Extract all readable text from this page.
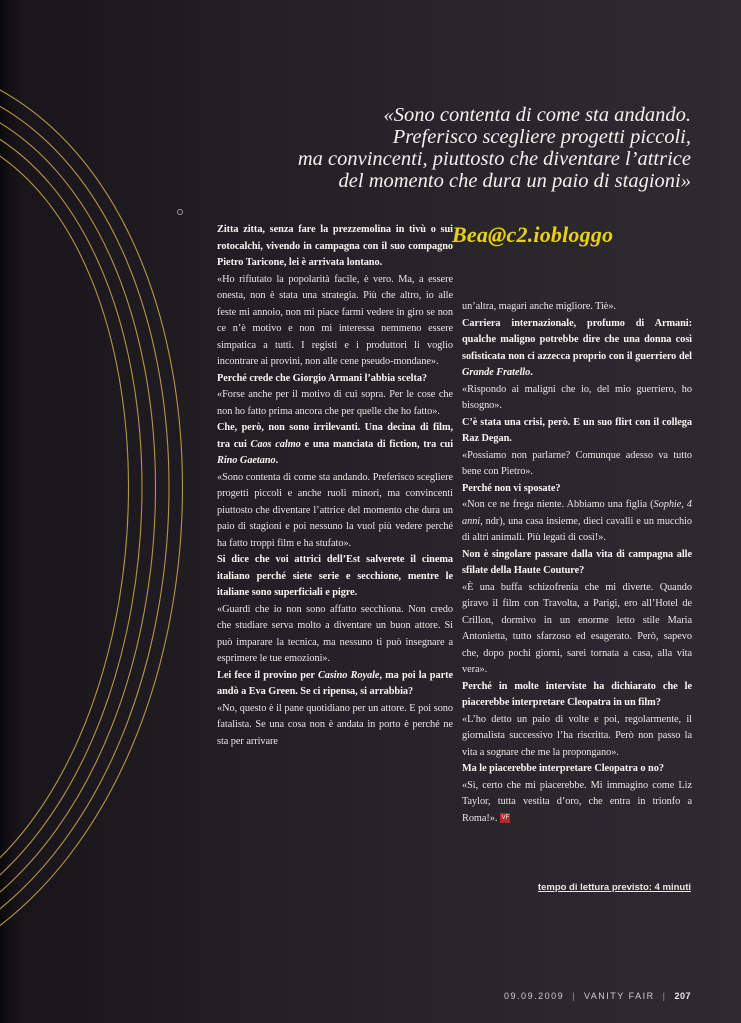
«Sono contenta di come sta andando.
Preferisco scegliere progetti piccoli,
ma convincenti, piuttosto che diventare l’attrice
del momento che dura un paio di stagioni»
Bea@c2.iobloggo

Zitta zitta, senza fare la prezzemolina in tivù o sui rotocalchi, vivendo in campagna con il suo compagno Pietro Taricone, lei è arrivata lontano.

«Ho rifiutato la popolarità facile, è vero. Ma, a essere onesta, non è stata una strategia. Più che altro, io alle feste mi annoio, non mi piace farmi vedere in giro se non ce n’è motivo e non mi interessa nemmeno essere simpatica a tutti. I registi e i produttori li voglio incontrare ai provini, non alle cene pseudo-mondane».

Perché crede che Giorgio Armani l’abbia scelta?

«Forse anche per il motivo di cui sopra. Per le cose che non ho fatto prima ancora che per quelle che ho fatto».

Che, però, non sono irrilevanti. Una decina di film, tra cui Caos calmo e una manciata di fiction, tra cui Rino Gaetano.

«Sono contenta di come sta andando. Preferisco scegliere progetti piccoli e anche ruoli minori, ma convincenti piuttosto che diventare l’attrice del momento che dura un paio di stagioni e poi nessuno la vuol più vedere perché ha fatto troppi film e ha stufato».

Si dice che voi attrici dell’Est salverete il cinema italiano perché siete serie e secchione, mentre le italiane sono superficiali e pigre.

«Guardi che io non sono affatto secchiona. Non credo che studiare serva molto a diventare un buon attore. Si può imparare la tecnica, ma nessuno ti può insegnare a esprimere le tue emozioni».

Lei fece il provino per Casino Royale, ma poi la parte andò a Eva Green. Se ci ripensa, si arrabbia?

«No, questo è il pane quotidiano per un attore. E poi sono fatalista. Se una cosa non è andata in porto è perché ne sta per arrivare

un’altra, magari anche migliore. Tiè».

Carriera internazionale, profumo di Armani: qualche maligno potrebbe dire che una donna così sofisticata non ci azzecca proprio con il guerriero del Grande Fratello.

«Rispondo ai maligni che io, del mio guerriero, ho bisogno».

C’è stata una crisi, però. E un suo flirt con il collega Raz Degan.

«Possiamo non parlarne? Comunque adesso va tutto bene con Pietro».

Perché non vi sposate?

«Non ce ne frega niente. Abbiamo una figlia (Sophie, 4 anni, ndr), una casa insieme, dieci cavalli e un mucchio di altri animali. Più legati di così!».

Non è singolare passare dalla vita di campagna alle sfilate della Haute Couture?

«È una buffa schizofrenia che mi diverte. Quando giravo il film con Travolta, a Parigi, ero all’Hotel de Crillon, dormivo in un enorme letto stile Maria Antonietta, tutto sfarzoso ed esagerato. Però, sapevo che, dopo pochi giorni, sarei tornata a casa, alla vita vera».

Perché in molte interviste ha dichiarato che le piacerebbe interpretare Cleopatra in un film?

«L’ho detto un paio di volte e poi, regolarmente, il giornalista successivo l’ha riscritta. Però non passo la vita a sognare che me la propongano».

Ma le piacerebbe interpretare Cleopatra o no?

«Sì, certo che mi piacerebbe. Mi immagino come Liz Taylor, tutta vestita d’oro, che entra in trionfo a Roma!». VF

tempo di lettura previsto: 4 minuti
09.09.2009 | VANITY FAIR | 207
